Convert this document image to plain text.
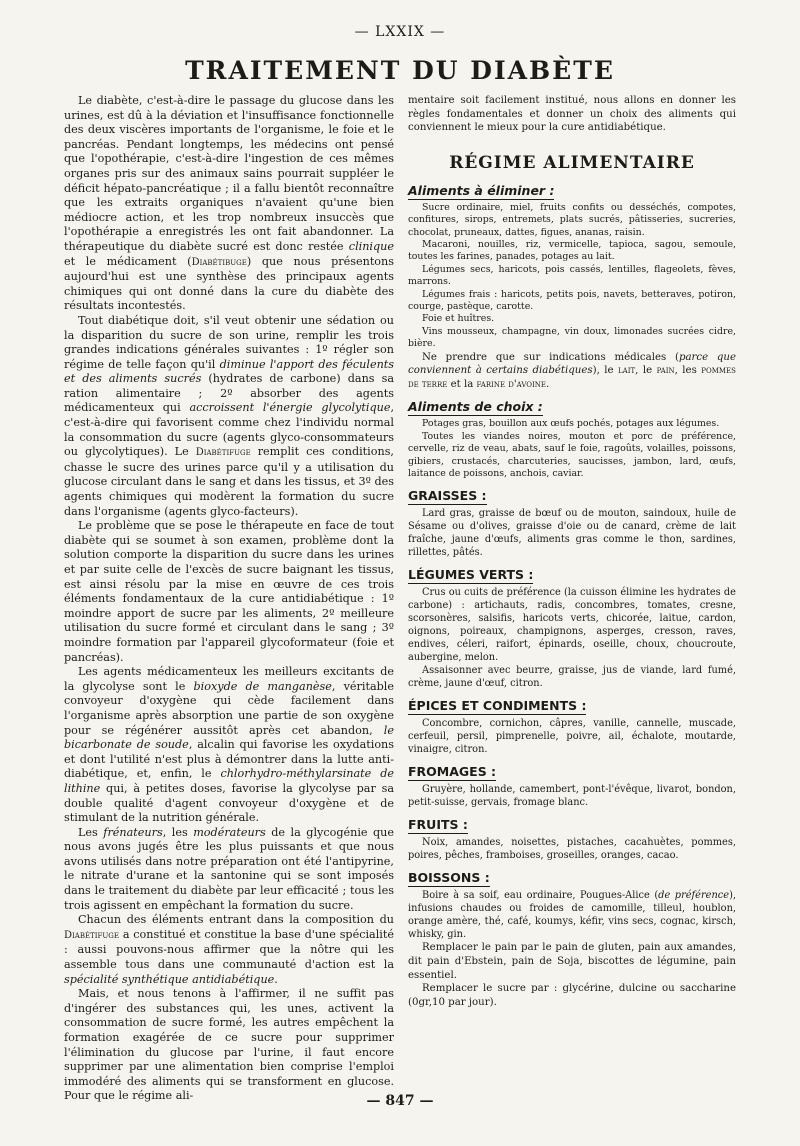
— LXXIX —
TRAITEMENT DU DIABÈTE

Le diabète, c'est-à-dire le passage du glucose dans les urines, est dû à la déviation et l'insuffisance fonctionnelle des deux viscères importants de l'organisme, le foie et le pancréas. Pendant longtemps, les médecins ont pensé que l'opothérapie, c'est-à-dire l'ingestion de ces mêmes organes pris sur des animaux sains pourrait suppléer le déficit hépato-pancréatique ; il a fallu bientôt reconnaître que les extraits organiques n'avaient qu'une bien médiocre action, et les trop nombreux insuccès que l'opothérapie a enregistrés les ont fait abandonner. La thérapeutique du diabète sucré est donc restée clinique et le médicament (Diabétibuge) que nous présentons aujourd'hui est une synthèse des principaux agents chimiques qui ont donné dans la cure du diabète des résultats incontestés.

Tout diabétique doit, s'il veut obtenir une sédation ou la disparition du sucre de son urine, remplir les trois grandes indications générales suivantes : 1º régler son régime de telle façon qu'il diminue l'apport des féculents et des aliments sucrés (hydrates de carbone) dans sa ration alimentaire ; 2º absorber des agents médicamenteux qui accroissent l'énergie glycolytique, c'est-à-dire qui favorisent comme chez l'individu normal la consommation du sucre (agents glyco-consommateurs ou glycolytiques). Le Diabétifuge remplit ces conditions, chasse le sucre des urines parce qu'il y a utilisation du glucose circulant dans le sang et dans les tissus, et 3º des agents chimiques qui modèrent la formation du sucre dans l'organisme (agents glyco-facteurs).

Le problème que se pose le thérapeute en face de tout diabète qui se soumet à son examen, problème dont la solution comporte la disparition du sucre dans les urines et par suite celle de l'excès de sucre baignant les tissus, est ainsi résolu par la mise en œuvre de ces trois éléments fondamentaux de la cure antidiabétique : 1º moindre apport de sucre par les aliments, 2º meilleure utilisation du sucre formé et circulant dans le sang ; 3º moindre formation par l'appareil glycoformateur (foie et pancréas).

Les agents médicamenteux les meilleurs excitants de la glycolyse sont le bioxyde de manganèse, véritable convoyeur d'oxygène qui cède facilement dans l'organisme après absorption une partie de son oxygène pour se régénérer aussitôt après cet abandon, le bicarbonate de soude, alcalin qui favorise les oxydations et dont l'utilité n'est plus à démontrer dans la lutte anti-diabétique, et, enfin, le chlorhydro-méthylarsinate de lithine qui, à petites doses, favorise la glycolyse par sa double qualité d'agent convoyeur d'oxygène et de stimulant de la nutrition générale.

Les frénateurs, les modérateurs de la glycogénie que nous avons jugés être les plus puissants et que nous avons utilisés dans notre préparation ont été l'antipyrine, le nitrate d'urane et la santonine qui se sont imposés dans le traitement du diabète par leur efficacité ; tous les trois agissent en empêchant la formation du sucre.

Chacun des éléments entrant dans la composition du Diabétifuge a constitué et constitue la base d'une spécialité : aussi pouvons-nous affirmer que la nôtre qui les assemble tous dans une communauté d'action est la spécialité synthétique antidiabétique.

Mais, et nous tenons à l'affirmer, il ne suffit pas d'ingérer des substances qui, les unes, activent la consommation de sucre formé, les autres empêchent la formation exagérée de ce sucre pour supprimer l'élimination du glucose par l'urine, il faut encore supprimer par une alimentation bien comprise l'emploi immodéré des aliments qui se transforment en glucose. Pour que le régime ali-

mentaire soit facilement institué, nous allons en donner les règles fondamentales et donner un choix des aliments qui conviennent le mieux pour la cure antidiabétique.

RÉGIME ALIMENTAIRE
Aliments à éliminer :

Sucre ordinaire, miel, fruits confits ou desséchés, compotes, confitures, sirops, entremets, plats sucrés, pâtisseries, sucreries, chocolat, pruneaux, dattes, figues, ananas, raisin.

Macaroni, nouilles, riz, vermicelle, tapioca, sagou, semoule, toutes les farines, panades, potages au lait.

Légumes secs, haricots, pois cassés, lentilles, flageolets, fèves, marrons.

Légumes frais : haricots, petits pois, navets, betteraves, potiron, courge, pastèque, carotte.

Foie et huîtres.

Vins mousseux, champagne, vin doux, limonades sucrées cidre, bière.

Ne prendre que sur indications médicales (parce que conviennent à certains diabétiques), le lait, le pain, les pommes de terre et la farine d'avoine.

Aliments de choix :

Potages gras, bouillon aux œufs pochés, potages aux légumes.

Toutes les viandes noires, mouton et porc de préférence, cervelle, riz de veau, abats, sauf le foie, ragoûts, volailles, poissons, gibiers, crustacés, charcuteries, saucisses, jambon, lard, œufs, laitance de poissons, anchois, caviar.

GRAISSES :

Lard gras, graisse de bœuf ou de mouton, saindoux, huile de Sésame ou d'olives, graisse d'oie ou de canard, crème de lait fraîche, jaune d'œufs, aliments gras comme le thon, sardines, rillettes, pâtés.

LÉGUMES VERTS :

Crus ou cuits de préférence (la cuisson élimine les hydrates de carbone) : artichauts, radis, concombres, tomates, cresne, scorsonères, salsifis, haricots verts, chicorée, laitue, cardon, oignons, poireaux, champignons, asperges, cresson, raves, endives, céleri, raifort, épinards, oseille, choux, choucroute, aubergine, melon.

Assaisonner avec beurre, graisse, jus de viande, lard fumé, crème, jaune d'œuf, citron.

ÉPICES ET CONDIMENTS :

Concombre, cornichon, câpres, vanille, cannelle, muscade, cerfeuil, persil, pimprenelle, poivre, ail, échalote, moutarde, vinaigre, citron.

FROMAGES :

Gruyère, hollande, camembert, pont-l'évêque, livarot, bondon, petit-suisse, gervais, fromage blanc.

FRUITS :

Noix, amandes, noisettes, pistaches, cacahuètes, pommes, poires, pêches, framboises, groseilles, oranges, cacao.

BOISSONS :

Boire à sa soif, eau ordinaire, Pougues-Alice (de préférence), infusions chaudes ou froides de camomille, tilleul, houblon, orange amère, thé, café, koumys, kéfir, vins secs, cognac, kirsch, whisky, gin.

Remplacer le pain par le pain de gluten, pain aux amandes, dit pain d'Ebstein, pain de Soja, biscottes de légumine, pain essentiel.

Remplacer le sucre par : glycérine, dulcine ou saccharine (0gr,10 par jour).

— 847 —
